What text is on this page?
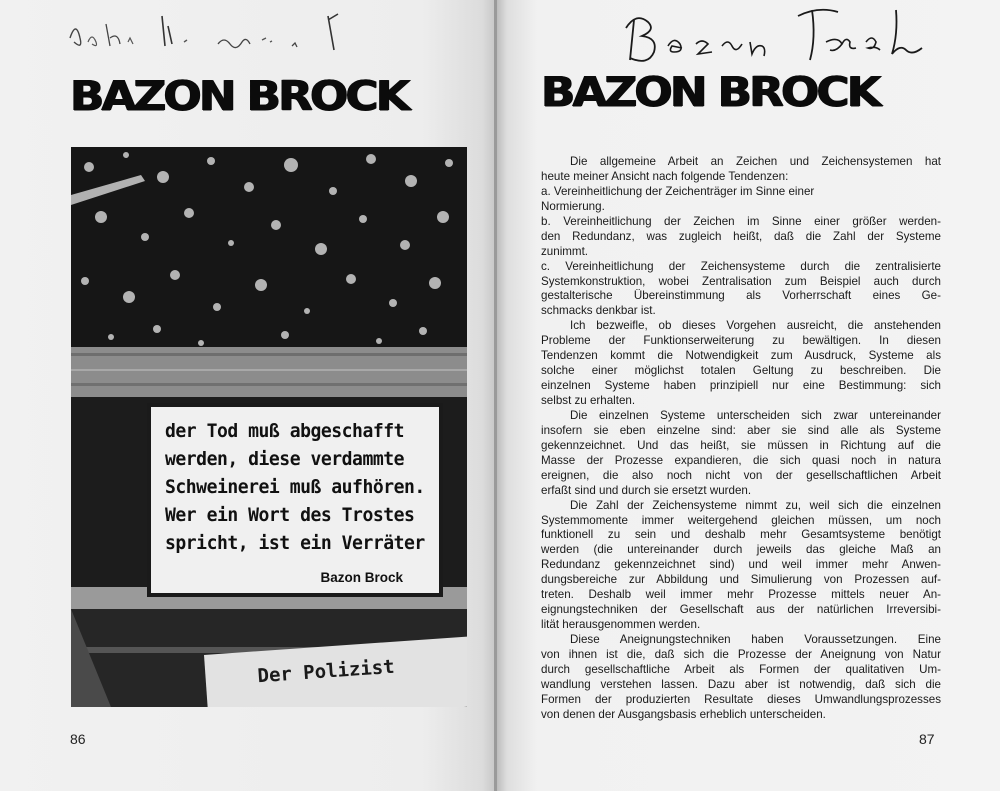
BAZON BROCK
der Tod muß abgeschafft
werden, diese verdammte
Schweinerei muß aufhören.
Wer ein Wort des Trostes
spricht, ist ein Verräter
Bazon Brock
Der Polizist
86
BAZON BROCK
Die allgemeine Arbeit an Zeichen und Zeichensystemen hat
heute meiner Ansicht nach folgende Tendenzen:
a. Vereinheitlichung der Zeichenträger im Sinne einer
Normierung.
b. Vereinheitlichung der Zeichen im Sinne einer größer werden-
den Redundanz, was zugleich heißt, daß die Zahl der Systeme
zunimmt.
c. Vereinheitlichung der Zeichensysteme durch die zentralisierte
Systemkonstruktion, wobei Zentralisation zum Beispiel auch durch
gestalterische Übereinstimmung als Vorherrschaft eines Ge-
schmacks denkbar ist.
Ich bezweifle, ob dieses Vorgehen ausreicht, die anstehenden
Probleme der Funktionserweiterung zu bewältigen. In diesen
Tendenzen kommt die Notwendigkeit zum Ausdruck, Systeme als
solche einer möglichst totalen Geltung zu beschreiben. Die
einzelnen Systeme haben prinzipiell nur eine Bestimmung: sich
selbst zu erhalten.
Die einzelnen Systeme unterscheiden sich zwar untereinander
insofern sie eben einzelne sind: aber sie sind alle als Systeme
gekennzeichnet. Und das heißt, sie müssen in Richtung auf die
Masse der Prozesse expandieren, die sich quasi noch in natura
ereignen, die also noch nicht von der gesellschaftlichen Arbeit
erfaßt sind und durch sie ersetzt wurden.
Die Zahl der Zeichensysteme nimmt zu, weil sich die einzelnen
Systemmomente immer weitergehend gleichen müssen, um noch
funktionell zu sein und deshalb mehr Gesamtsysteme benötigt
werden (die untereinander durch jeweils das gleiche Maß an
Redundanz gekennzeichnet sind) und weil immer mehr Anwen-
dungsbereiche zur Abbildung und Simulierung von Prozessen auf-
treten. Deshalb weil immer mehr Prozesse mittels neuer An-
eignungstechniken der Gesellschaft aus der natürlichen Irreversibi-
lität herausgenommen werden.
Diese Aneignungstechniken haben Voraussetzungen. Eine
von ihnen ist die, daß sich die Prozesse der Aneignung von Natur
durch gesellschaftliche Arbeit als Formen der qualitativen Um-
wandlung verstehen lassen. Dazu aber ist notwendig, daß sich die
Formen der produzierten Resultate dieses Umwandlungsprozesses
von denen der Ausgangsbasis erheblich unterscheiden.
87
